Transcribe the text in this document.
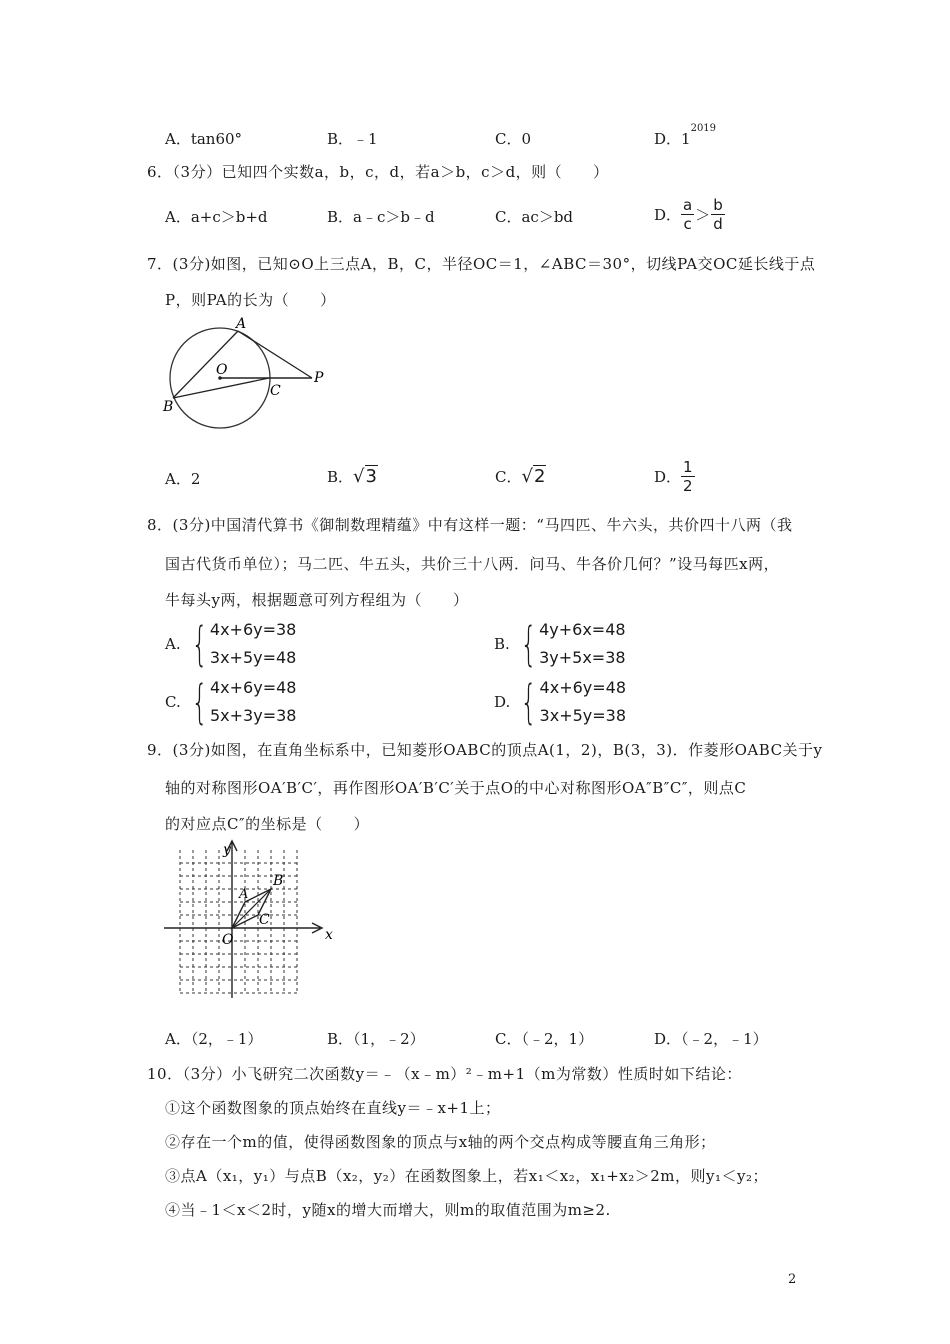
A．tan60°	B．﹣1	C．0	D．$1^{2019}$
6．（3分）已知四个实数a，b，c，d，若a＞b，c＞d，则（　　）
A．a+c＞b+d	B．a﹣c＞b﹣d	C．ac＞bd	D． $\frac{a}{c} > \frac{b}{d}$
7．(3分)如图，已知⊙O上三点A，B，C，半径OC＝1，∠ABC＝30°，切线PA交OC延长线于点
P，则PA的长为（　　）
A
O
C
P
B
A．2	B． √3	C． √2	D． $\frac{1}{2}$
8．(3分)中国清代算书《御制数理精蕴》中有这样一题：“马四匹、牛六头，共价四十八两（我
国古代货币单位）；马二匹、牛五头，共价三十八两．问马、牛各价几何？”设马每匹x两，
牛每头y两，根据题意可列方程组为（　　）
A. { 4x+6y=38
3x+5y=48
B. { 4y+6x=48
3y+5x=38
C. { 4x+6y=48
5x+3y=38
D. { 4x+6y=48
3x+5y=38
9．(3分)如图，在直角坐标系中，已知菱形OABC的顶点A(1，2)，B(3，3)．作菱形OABC关于y
轴的对称图形OA′B′C′，再作图形OA′B′C′关于点O的中心对称图形OA″B″C″，则点C
的对应点C″的坐标是（　　）
y
x
O
A
B
C
A．（2，﹣1）	B．（1，﹣2）	C．（﹣2，1）	D．（﹣2，﹣1）
10．（3分）小飞研究二次函数y＝﹣（x﹣m）²﹣m+1（m为常数）性质时如下结论：
①这个函数图象的顶点始终在直线y＝﹣x+1上；
②存在一个m的值，使得函数图象的顶点与x轴的两个交点构成等腰直角三角形；
③点A（x₁，y₁）与点B（x₂，y₂）在函数图象上，若x₁＜x₂，x₁+x₂＞2m，则y₁＜y₂；
④当﹣1＜x＜2时，y随x的增大而增大，则m的取值范围为m≥2.
2
